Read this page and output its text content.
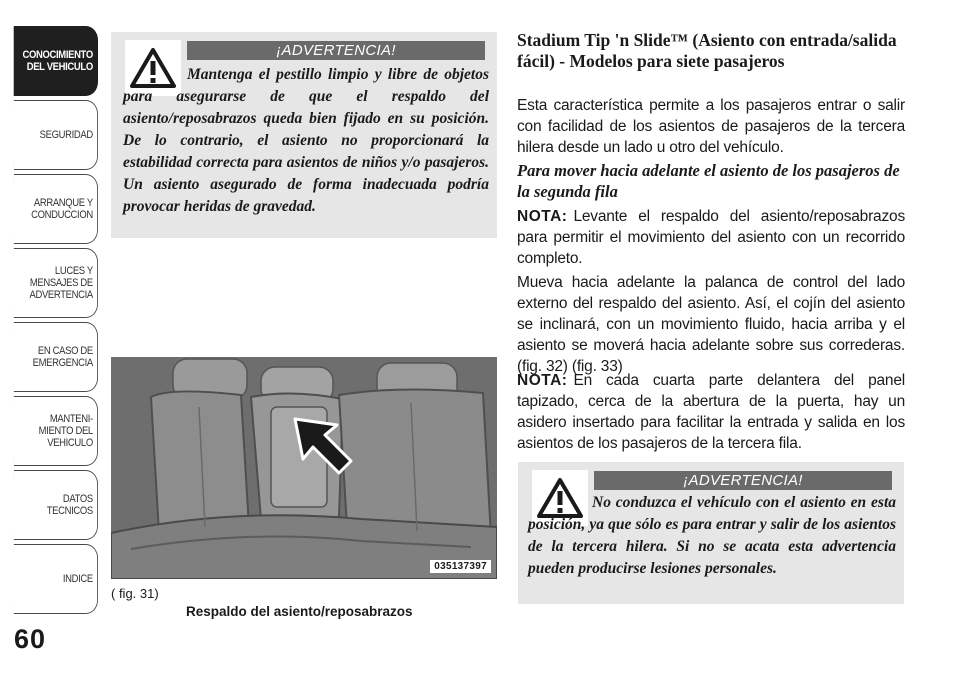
CONOCIMIENTO
DEL VEHICULO
SEGURIDAD
ARRANQUE Y
CONDUCCION
LUCES Y
MENSAJES DE
ADVERTENCIA
EN CASO DE
EMERGENCIA
MANTENI-
MIENTO DEL
VEHICULO
DATOS
TECNICOS
INDICE
60
¡ADVERTENCIA!

Mantenga el pestillo limpio y libre de objetos para asegurarse de que el respaldo del asiento/reposabrazos queda bien fijado en su posición. De lo contrario, el asiento no proporcionará la estabilidad correcta para asientos de niños y/o pasajeros. Un asiento asegurado de forma inadecuada podría provocar heridas de gravedad.

035137397
( fig. 31)
Respaldo del asiento/reposabrazos
Stadium Tip 'n Slide™ (Asiento con entrada/salida fácil) - Modelos para siete pasajeros

Esta característica permite a los pasajeros entrar o salir con facilidad de los asientos de pasajeros de la tercera hilera desde un lado u otro del vehículo.

Para mover hacia adelante el asiento de los pasajeros de la segunda fila

NOTA: Levante el respaldo del asiento/reposabrazos para permitir el movimiento del asiento con un recorrido completo.

Mueva hacia adelante la palanca de control del lado externo del respaldo del asiento. Así, el cojín del asiento se inclinará, con un movimiento fluido, hacia arriba y el asiento se moverá hacia adelante sobre sus correderas. (fig. 32) (fig. 33)

NOTA: En cada cuarta parte delantera del panel tapizado, cerca de la abertura de la puerta, hay un asidero insertado para facilitar la entrada y salida en los asientos de los pasajeros de la tercera fila.

¡ADVERTENCIA!

No conduzca el vehículo con el asiento en esta posición, ya que sólo es para entrar y salir de los asientos de la tercera hilera. Si no se acata esta advertencia pueden producirse lesiones personales.
